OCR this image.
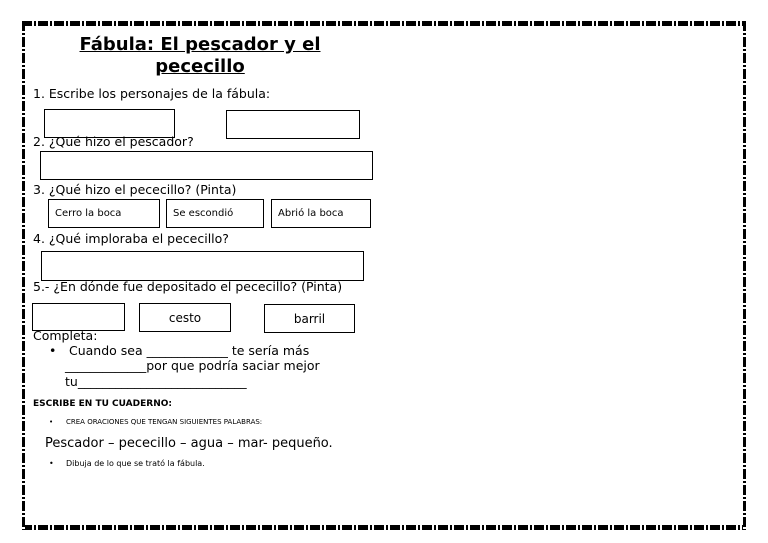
Fábula: El pescador y el pececillo
1. Escribe los personajes de la fábula:
2. ¿Qué hizo el pescador?
3. ¿Qué hizo el pececillo? (Pinta)
Cerro la boca	Se escondió	Abrió la boca
4. ¿Qué imploraba el pececillo?
5.- ¿En dónde fue depositado el pececillo? (Pinta)
cesto	barril
Completa:
• Cuando sea _____________ te sería más
_____________por que podría saciar mejor
tu___________________________
ESCRIBE EN TU CUADERNO:
• CREA ORACIONES QUE TENGAN SIGUIENTES PALABRAS:
Pescador – pececillo – agua – mar- pequeño.
• Dibuja de lo que se trató la fábula.
